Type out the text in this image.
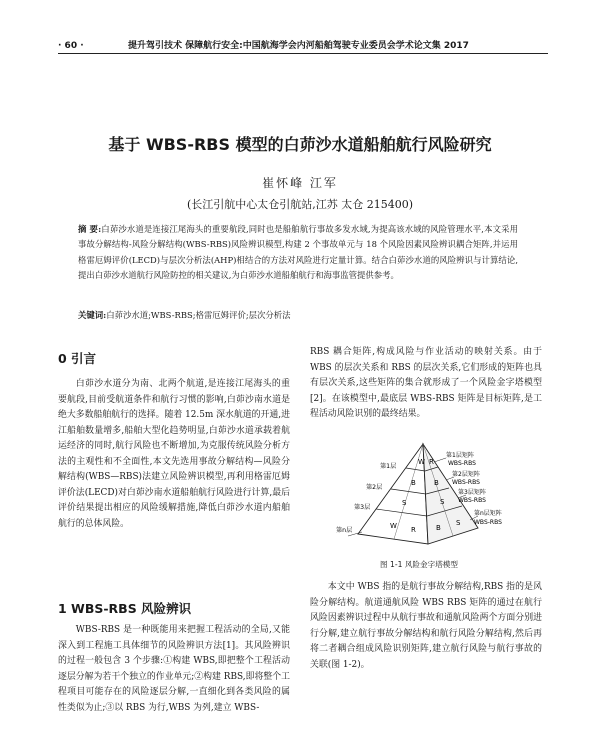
· 60 ·	提升驾引技术 保障航行安全:中国航海学会内河船舶驾驶专业委员会学术论文集 2017
基于 WBS-RBS 模型的白茆沙水道船舶航行风险研究
崔怀峰 江军
(长江引航中心太仓引航站,江苏 太仓 215400)
摘 要:白茆沙水道是连接江尾海头的重要航段,同时也是船舶航行事故多发水域,为提高该水域的风险管理水平,本文采用事故分解结构-风险分解结构(WBS-RBS)风险辨识模型,构建 2 个事故单元与 18 个风险因素风险辨识耦合矩阵,并运用格雷厄姆评价(LECD)与层次分析法(AHP)相结合的方法对风险进行定量计算。结合白茆沙水道的风险辨识与计算结论,提出白茆沙水道航行风险防控的相关建议,为白茆沙水道船舶航行和海事监管提供参考。
关键词:白茆沙水道;WBS-RBS;格雷厄姆评价;层次分析法
0 引言

白茆沙水道分为南、北两个航道,是连接江尾海头的重要航段,目前受航道条件和航行习惯的影响,白茆沙南水道是绝大多数船舶航行的选择。随着 12.5m 深水航道的开通,进江船舶数量增多,船舶大型化趋势明显,白茆沙水道承载着航运经济的同时,航行风险也不断增加,为克服传统风险分析方法的主观性和不全面性,本文先选用事故分解结构—风险分解结构(WBS—RBS)法建立风险辨识模型,再利用格雷厄姆评价法(LECD)对白茆沙南水道船舶航行风险进行计算,最后评价结果提出相应的风险缓解措施,降低白茆沙水道内船舶航行的总体风险。

1 WBS-RBS 风险辨识

WBS-RBS 是一种既能用来把握工程活动的全局,又能深入到工程施工具体细节的风险辨识方法[1]。其风险辨识的过程一般包含 3 个步骤:①构建 WBS,即把整个工程活动逐层分解为若干个独立的作业单元;②构建 RBS,即将整个工程项目可能存在的风险逐层分解,一直细化到各类风险的属性类似为止;③以 RBS 为行,WBS 为列,建立 WBS-

RBS 耦合矩阵,构成风险与作业活动的映射关系。由于 WBS 的层次关系和 RBS 的层次关系,它们形成的矩阵也具有层次关系,这些矩阵的集合就形成了一个风险金字塔模型[2]。在该模型中,最底层 WBS-RBS 矩阵是目标矩阵,是工程活动风险识别的最终结果。

W R
B	B
S	S
W R	B
S
第1层
第2层
第3层
第n层
第1层矩阵
WBS-RBS
第2层矩阵
WBS-RBS
第3层矩阵
WBS-RBS
第n层矩阵
WBS-RBS
图 1-1 风险金字塔模型

本文中 WBS 指的是航行事故分解结构,RBS 指的是风险分解结构。航道通航风险 WBS RBS 矩阵的通过在航行风险因素辨识过程中从航行事故和通航风险两个方面分别进行分解,建立航行事故分解结构和航行风险分解结构,然后再将二者耦合组成风险识别矩阵,建立航行风险与航行事故的关联(图 1-2)。
